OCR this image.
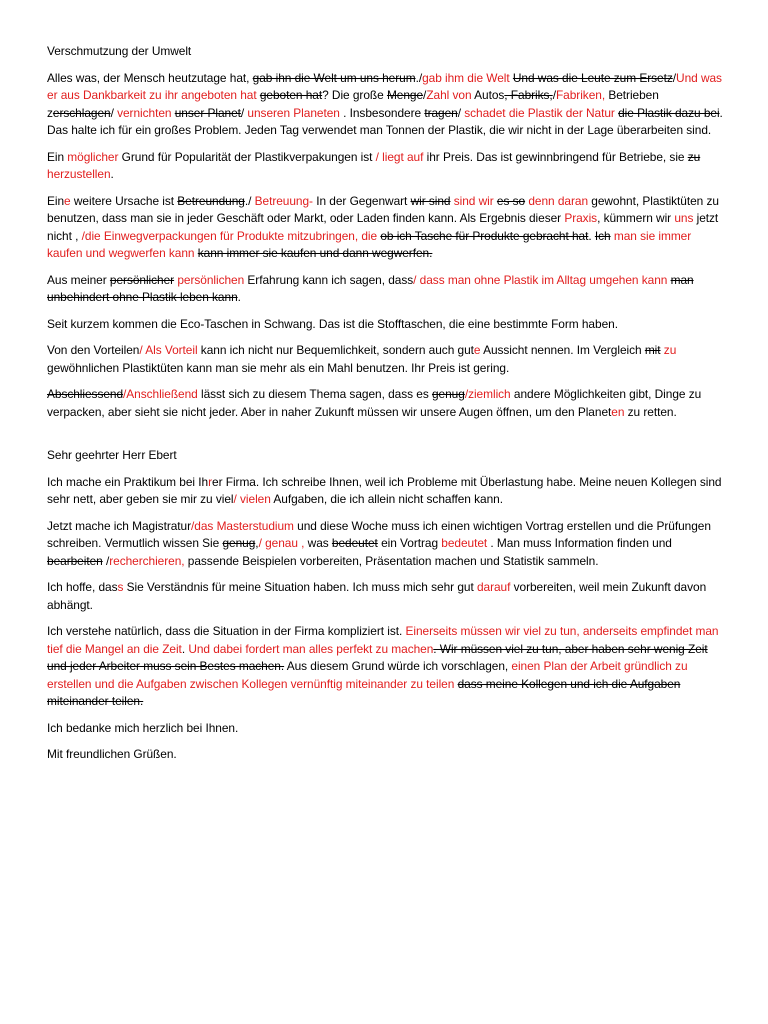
Verschmutzung der Umwelt

Alles was, der Mensch heutzutage hat, gab ihn die Welt um uns herum./gab ihm die Welt Und was die Leute zum Ersetz/Und was er aus Dankbarkeit zu ihr angeboten hat geboten hat? Die große Menge/Zahl von Autos, Fabriks,/Fabriken, Betrieben zerschlagen/ vernichten unser Planet/ unseren Planeten . Insbesondere tragen/ schadet die Plastik der Natur die Plastik dazu bei. Das halte ich für ein großes Problem. Jeden Tag verwendet man Tonnen der Plastik, die wir nicht in der Lage überarbeiten sind.

Ein möglicher Grund für Popularität der Plastikverpakungen ist / liegt auf ihr Preis. Das ist gewinnbringend für Betriebe, sie zu herzustellen.

Eine weitere Ursache ist Betreundung./ Betreuung- In der Gegenwart wir sind sind wir es so denn daran gewohnt, Plastiktüten zu benutzen, dass man sie in jeder Geschäft oder Markt, oder Laden finden kann. Als Ergebnis dieser Praxis, kümmern wir uns jetzt nicht , /die Einwegverpackungen für Produkte mitzubringen, die ob ich Tasche für Produkte gebracht hat. Ich man sie immer kaufen und wegwerfen kann kann immer sie kaufen und dann wegwerfen.

Aus meiner persönlicher persönlichen Erfahrung kann ich sagen, dass/ dass man ohne Plastik im Alltag umgehen kann man unbehindert ohne Plastik leben kann.

Seit kurzem kommen die Eco-Taschen in Schwang. Das ist die Stofftaschen, die eine bestimmte Form haben.

Von den Vorteilen/ Als Vorteil kann ich nicht nur Bequemlichkeit, sondern auch gute Aussicht nennen. Im Vergleich mit zu gewöhnlichen Plastiktüten kann man sie mehr als ein Mahl benutzen. Ihr Preis ist gering.

Abschliessend/Anschließend lässt sich zu diesem Thema sagen, dass es genug/ziemlich andere Möglichkeiten gibt, Dinge zu verpacken, aber sieht sie nicht jeder. Aber in naher Zukunft müssen wir unsere Augen öffnen, um den Planeten zu retten.

Sehr geehrter Herr Ebert

Ich mache ein Praktikum bei Ihrer Firma. Ich schreibe Ihnen, weil ich Probleme mit Überlastung habe. Meine neuen Kollegen sind sehr nett, aber geben sie mir zu viel/ vielen Aufgaben, die ich allein nicht schaffen kann.

Jetzt mache ich Magistratur/das Masterstudium und diese Woche muss ich einen wichtigen Vortrag erstellen und die Prüfungen schreiben. Vermutlich wissen Sie genug,/ genau , was bedeutet ein Vortrag bedeutet . Man muss Information finden und bearbeiten /recherchieren, passende Beispielen vorbereiten, Präsentation machen und Statistik sammeln.

Ich hoffe, dass Sie Verständnis für meine Situation haben. Ich muss mich sehr gut darauf vorbereiten, weil mein Zukunft davon abhängt.

Ich verstehe natürlich, dass die Situation in der Firma kompliziert ist. Einerseits müssen wir viel zu tun, anderseits empfindet man tief die Mangel an die Zeit. Und dabei fordert man alles perfekt zu machen. Wir müssen viel zu tun, aber haben sehr wenig Zeit und jeder Arbeiter muss sein Bestes machen. Aus diesem Grund würde ich vorschlagen, einen Plan der Arbeit gründlich zu erstellen und die Aufgaben zwischen Kollegen vernünftig miteinander zu teilen dass meine Kollegen und ich die Aufgaben miteinander teilen.

Ich bedanke mich herzlich bei Ihnen.

Mit freundlichen Grüßen.
